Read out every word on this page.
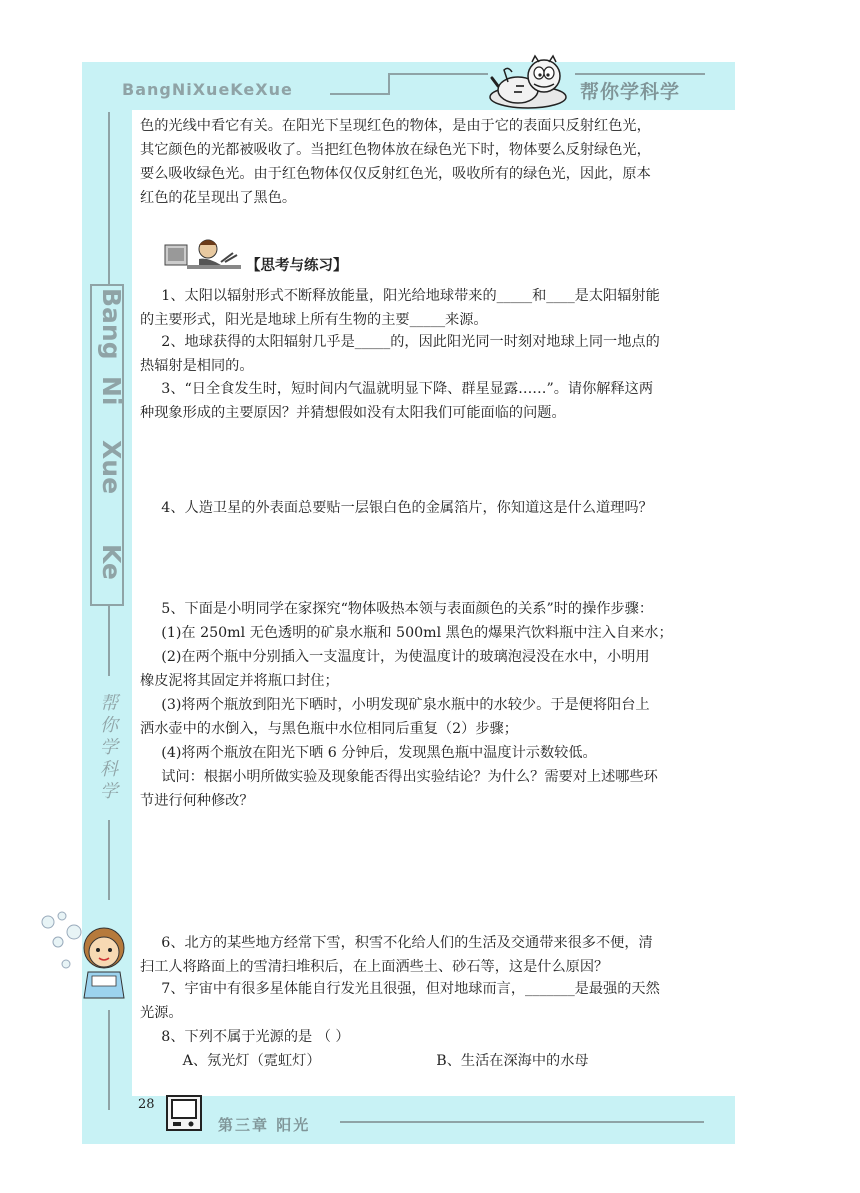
BangNiXueKeXue	帮你学科学
Bang
Ni
Xue
Ke
帮你学科学

色的光线中看它有关。在阳光下呈现红色的物体，是由于它的表面只反射红色光，

其它颜色的光都被吸收了。当把红色物体放在绿色光下时，物体要么反射绿色光，

要么吸收绿色光。由于红色物体仅仅反射红色光，吸收所有的绿色光，因此，原本

红色的花呈现出了黑色。

【思考与练习】

1、太阳以辐射形式不断释放能量，阳光给地球带来的_____和____是太阳辐射能

的主要形式，阳光是地球上所有生物的主要_____来源。

2、地球获得的太阳辐射几乎是_____的，因此阳光同一时刻对地球上同一地点的

热辐射是相同的。

3、“日全食发生时，短时间内气温就明显下降、群星显露……”。请你解释这两

种现象形成的主要原因？并猜想假如没有太阳我们可能面临的问题。

4、人造卫星的外表面总要贴一层银白色的金属箔片，你知道这是什么道理吗？

5、下面是小明同学在家探究“物体吸热本领与表面颜色的关系”时的操作步骤：

(1)在 250ml 无色透明的矿泉水瓶和 500ml 黑色的爆果汽饮料瓶中注入自来水；

(2)在两个瓶中分别插入一支温度计，为使温度计的玻璃泡浸没在水中，小明用

橡皮泥将其固定并将瓶口封住；

(3)将两个瓶放到阳光下晒时，小明发现矿泉水瓶中的水较少。于是便将阳台上

洒水壶中的水倒入，与黑色瓶中水位相同后重复（2）步骤；

(4)将两个瓶放在阳光下晒 6 分钟后，发现黑色瓶中温度计示数较低。

试问：根据小明所做实验及现象能否得出实验结论？为什么？需要对上述哪些环

节进行何种修改？

6、北方的某些地方经常下雪，积雪不化给人们的生活及交通带来很多不便，清

扫工人将路面上的雪清扫堆积后，在上面洒些土、砂石等，这是什么原因？

7、宇宙中有很多星体能自行发光且很强，但对地球而言，_______是最强的天然

光源。

8、下列不属于光源的是 （ ）

A、氖光灯（霓虹灯）	B、生活在深海中的水母

28
第三章 阳光
